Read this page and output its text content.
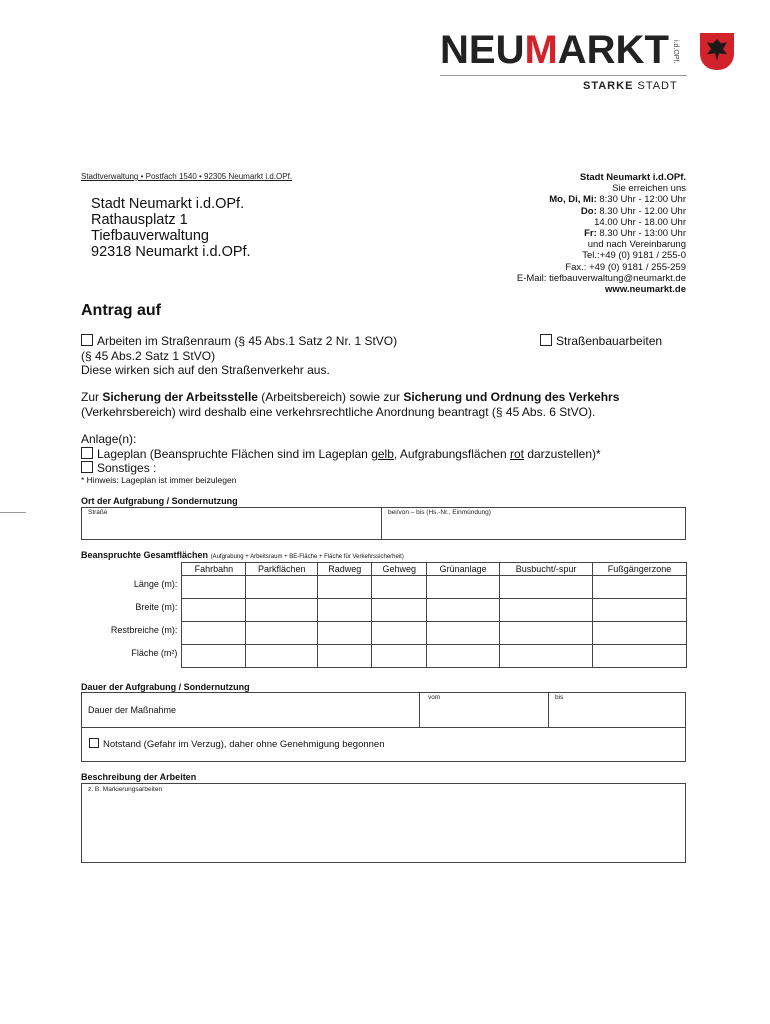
NEUMARKT i.d.OPf.
STARKE STADT
Stadtverwaltung • Postfach 1540 • 92305 Neumarkt i.d.OPf.
Stadt Neumarkt i.d.OPf.
Rathausplatz 1
Tiefbauverwaltung
92318 Neumarkt i.d.OPf.
Stadt Neumarkt i.d.OPf.
Sie erreichen uns
Mo, Di, Mi: 8:30 Uhr - 12:00 Uhr
Do: 8.30 Uhr - 12.00 Uhr
14.00 Uhr - 18.00 Uhr
Fr: 8.30 Uhr - 13:00 Uhr
und nach Vereinbarung
Tel.:+49 (0) 9181 / 255-0
Fax.: +49 (0) 9181 / 255-259
E-Mail: tiefbauverwaltung@neumarkt.de
www.neumarkt.de
Antrag auf
Arbeiten im Straßenraum (§ 45 Abs.1 Satz 2 Nr. 1 StVO)
(§ 45 Abs.2 Satz 1 StVO)
Diese wirken sich auf den Straßenverkehr aus.
Straßenbauarbeiten
Zur Sicherung der Arbeitsstelle (Arbeitsbereich) sowie zur Sicherung und Ordnung des Verkehrs
(Verkehrsbereich) wird deshalb eine verkehrsrechtliche Anordnung beantragt (§ 45 Abs. 6 StVO).
Anlage(n):
Lageplan (Beanspruchte Flächen sind im Lageplan gelb, Aufgrabungsflächen rot darzustellen)*
Sonstiges :
* Hinweis: Lageplan ist immer beizulegen
Ort der Aufgrabung / Sondernutzung
Straße	bei/von – bis (Hs.-Nr., Einmündung)
Beanspruchte Gesamtflächen (Aufgrabung + Arbeitsraum + BE-Fläche + Fläche für Verkehrssicherheit)
	Fahrbahn	Parkflächen	Radweg	Gehweg	Grünanlage	Busbucht/-spur	Fußgängerzone
Länge (m):							
Breite (m):							
Restbreiche (m):							
Fläche (m²)							
Dauer der Aufgrabung / Sondernutzung
Dauer der Maßnahme
vom	bis
Notstand (Gefahr im Verzug), daher ohne Genehmigung begonnen
Beschreibung der Arbeiten
z. B. Markierungsarbeiten
